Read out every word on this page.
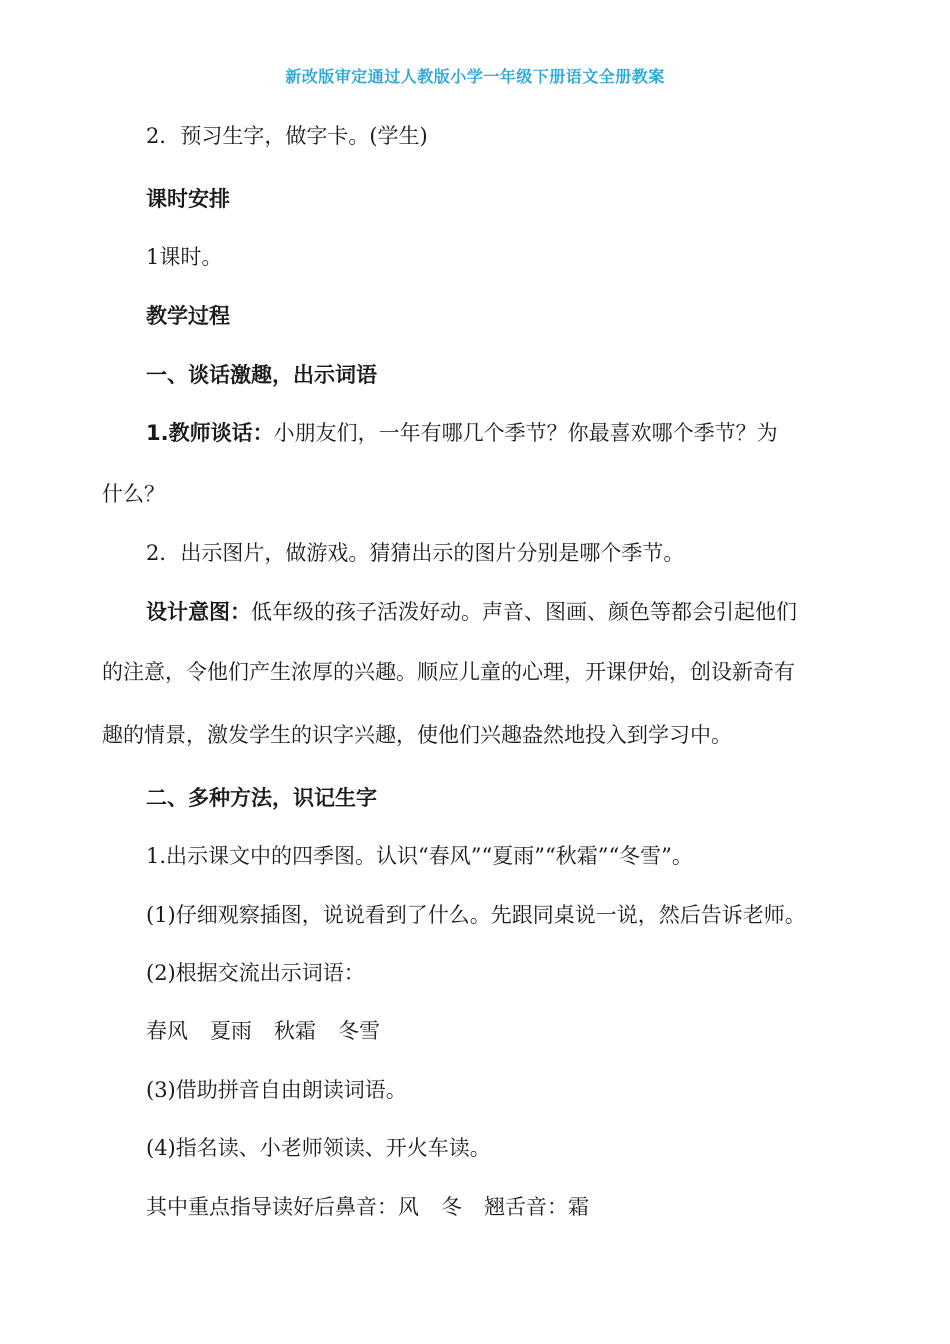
新改版审定通过人教版小学一年级下册语文全册教案
2．预习生字，做字卡。(学生)
课时安排
1课时。
教学过程
一、谈话激趣，出示词语
1.教师谈话：小朋友们，一年有哪几个季节？你最喜欢哪个季节？为
什么？
2．出示图片，做游戏。猜猜出示的图片分别是哪个季节。
设计意图：低年级的孩子活泼好动。声音、图画、颜色等都会引起他们
的注意，令他们产生浓厚的兴趣。顺应儿童的心理，开课伊始，创设新奇有
趣的情景，激发学生的识字兴趣，使他们兴趣盎然地投入到学习中。
二、多种方法，识记生字
1.出示课文中的四季图。认识“春风”“夏雨”“秋霜”“冬雪”。
(1)仔细观察插图，说说看到了什么。先跟同桌说一说，然后告诉老师。
(2)根据交流出示词语：
春风 夏雨 秋霜 冬雪
(3)借助拼音自由朗读词语。
(4)指名读、小老师领读、开火车读。
其中重点指导读好后鼻音：风 冬 翘舌音：霜
